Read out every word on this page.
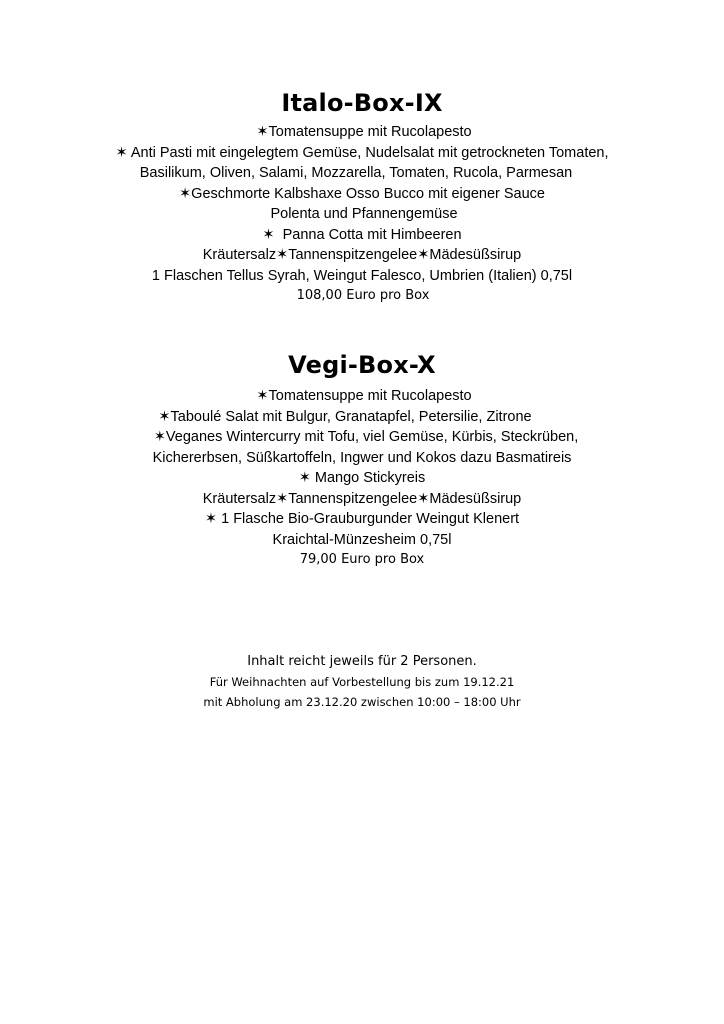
Italo-Box-IX
✶Tomatensuppe mit Rucolapesto
✶ Anti Pasti mit eingelegtem Gemüse, Nudelsalat mit getrockneten Tomaten,
Basilikum, Oliven, Salami, Mozzarella, Tomaten, Rucola, Parmesan
✶Geschmorte Kalbshaxe Osso Bucco mit eigener Sauce
Polenta und Pfannengemüse
✶  Panna Cotta mit Himbeeren
Kräutersalz✶Tannenspitzengelee✶Mädesüßsirup
1 Flaschen Tellus Syrah, Weingut Falesco, Umbrien (Italien) 0,75l
108,00 Euro pro Box
Vegi-Box-X
✶Tomatensuppe mit Rucolapesto
✶Taboulé Salat mit Bulgur, Granatapfel, Petersilie, Zitrone
✶Veganes Wintercurry mit Tofu, viel Gemüse, Kürbis, Steckrüben,
Kichererbsen, Süßkartoffeln, Ingwer und Kokos dazu Basmatireis
✶ Mango Stickyreis
Kräutersalz✶Tannenspitzengelee✶Mädesüßsirup
✶ 1 Flasche Bio-Grauburgunder Weingut Klenert
Kraichtal-Münzesheim 0,75l
79,00 Euro pro Box
Inhalt reicht jeweils für 2 Personen.
Für Weihnachten auf Vorbestellung bis zum 19.12.21
mit Abholung am 23.12.20 zwischen 10:00 – 18:00 Uhr
